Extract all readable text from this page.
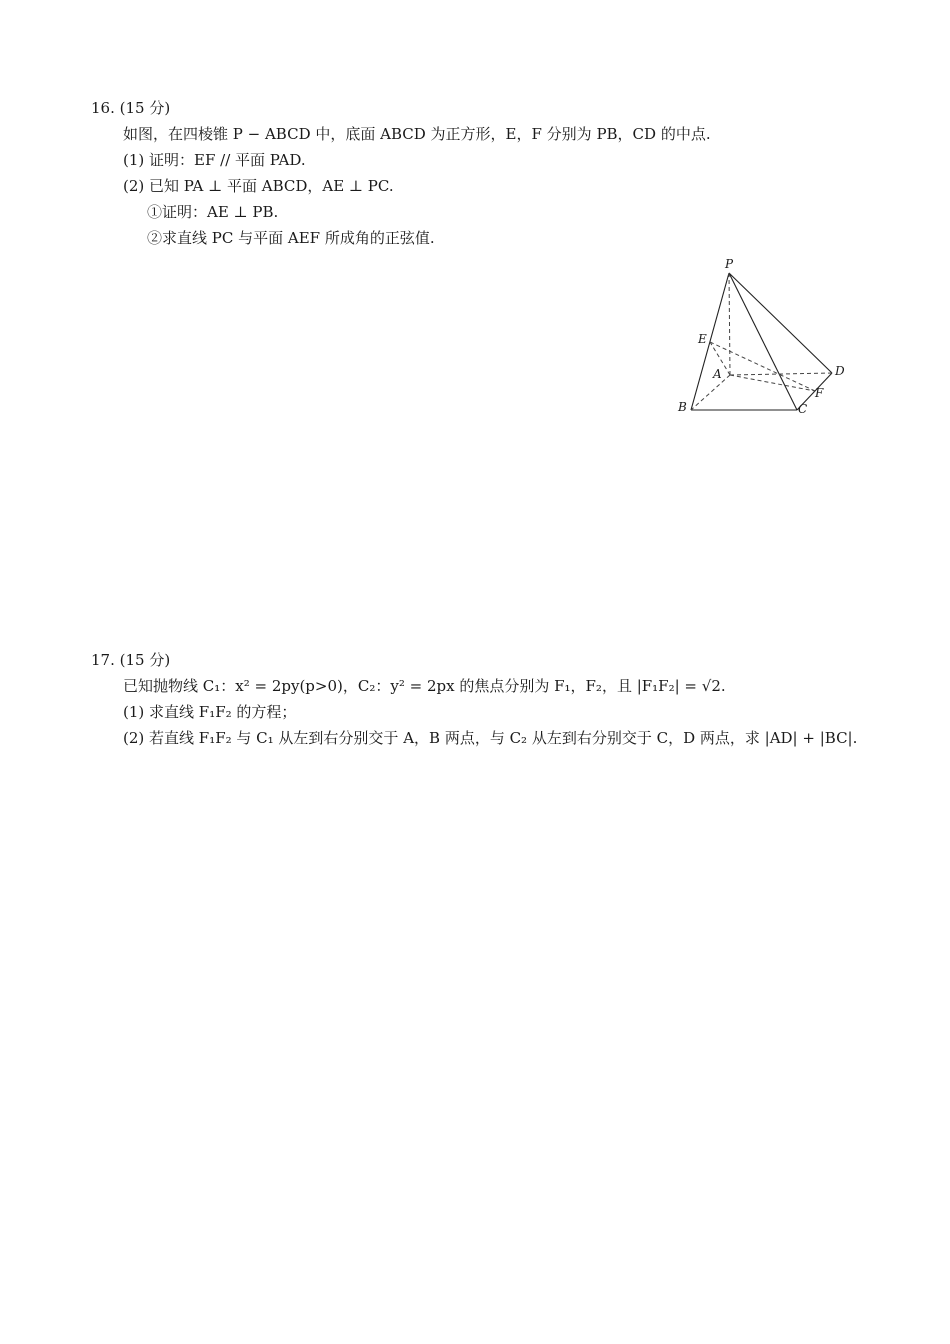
16. (15 分)
如图，在四棱锥 P − ABCD 中，底面 ABCD 为正方形，E，F 分别为 PB，CD 的中点.
(1) 证明：EF // 平面 PAD.
(2) 已知 PA ⊥ 平面 ABCD，AE ⊥ PC.
①证明：AE ⊥ PB.
②求直线 PC 与平面 AEF 所成角的正弦值.
P
E
A	D
F
B	C
17. (15 分)
已知抛物线 C₁：x² = 2py(p>0)，C₂：y² = 2px 的焦点分别为 F₁，F₂，且 |F₁F₂| = √2.
(1) 求直线 F₁F₂ 的方程；
(2) 若直线 F₁F₂ 与 C₁ 从左到右分别交于 A，B 两点，与 C₂ 从左到右分别交于 C，D 两点，求 |AD| + |BC|.
